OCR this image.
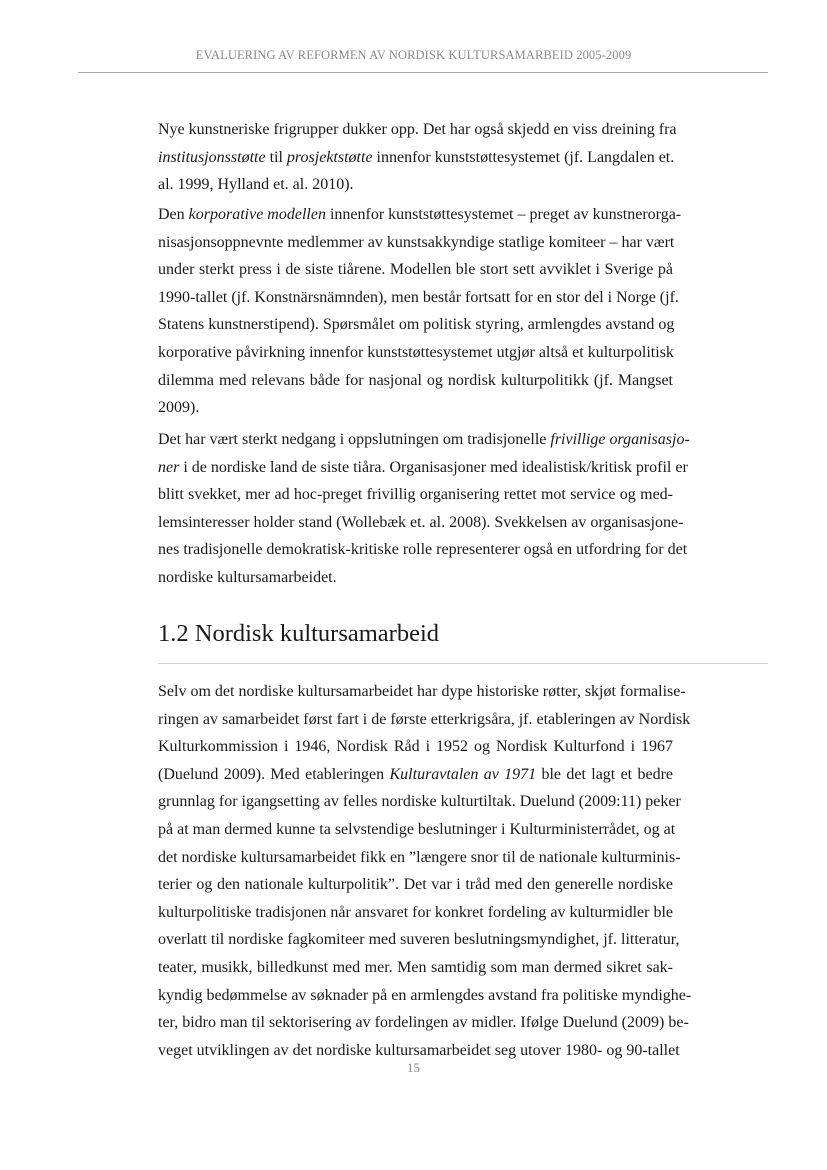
EVALUERING AV REFORMEN AV NORDISK KULTURSAMARBEID 2005-2009
Nye kunstneriske frigrupper dukker opp. Det har også skjedd en viss dreining fra
institusjonsstøtte til prosjektstøtte innenfor kunststøttesystemet (jf. Langdalen et.
al. 1999, Hylland et. al. 2010).
Den korporative modellen innenfor kunststøttesystemet – preget av kunstnerorga-
nisasjonsoppnevnte medlemmer av kunstsakkyndige statlige komiteer – har vært
under sterkt press i de siste tiårene. Modellen ble stort sett avviklet i Sverige på
1990-tallet (jf. Konstnärsnämnden), men består fortsatt for en stor del i Norge (jf.
Statens kunstnerstipend). Spørsmålet om politisk styring, armlengdes avstand og
korporative påvirkning innenfor kunststøttesystemet utgjør altså et kulturpolitisk
dilemma med relevans både for nasjonal og nordisk kulturpolitikk (jf. Mangset
2009).
Det har vært sterkt nedgang i oppslutningen om tradisjonelle frivillige organisasjo-
ner i de nordiske land de siste tiåra. Organisasjoner med idealistisk/kritisk profil er
blitt svekket, mer ad hoc-preget frivillig organisering rettet mot service og med-
lemsinteresser holder stand (Wollebæk et. al. 2008). Svekkelsen av organisasjone-
nes tradisjonelle demokratisk-kritiske rolle representerer også en utfordring for det
nordiske kultursamarbeidet.
1.2 Nordisk kultursamarbeid
Selv om det nordiske kultursamarbeidet har dype historiske røtter, skjøt formalise-
ringen av samarbeidet først fart i de første etterkrigsåra, jf. etableringen av Nordisk
Kulturkommission i 1946, Nordisk Råd i 1952 og Nordisk Kulturfond i 1967
(Duelund 2009). Med etableringen Kulturavtalen av 1971 ble det lagt et bedre
grunnlag for igangsetting av felles nordiske kulturtiltak. Duelund (2009:11) peker
på at man dermed kunne ta selvstendige beslutninger i Kulturministerrådet, og at
det nordiske kultursamarbeidet fikk en ”længere snor til de nationale kulturminis-
terier og den nationale kulturpolitik”. Det var i tråd med den generelle nordiske
kulturpolitiske tradisjonen når ansvaret for konkret fordeling av kulturmidler ble
overlatt til nordiske fagkomiteer med suveren beslutningsmyndighet, jf. litteratur,
teater, musikk, billedkunst med mer. Men samtidig som man dermed sikret sak-
kyndig bedømmelse av søknader på en armlengdes avstand fra politiske myndighe-
ter, bidro man til sektorisering av fordelingen av midler. Ifølge Duelund (2009) be-
veget utviklingen av det nordiske kultursamarbeidet seg utover 1980- og 90-tallet
15
